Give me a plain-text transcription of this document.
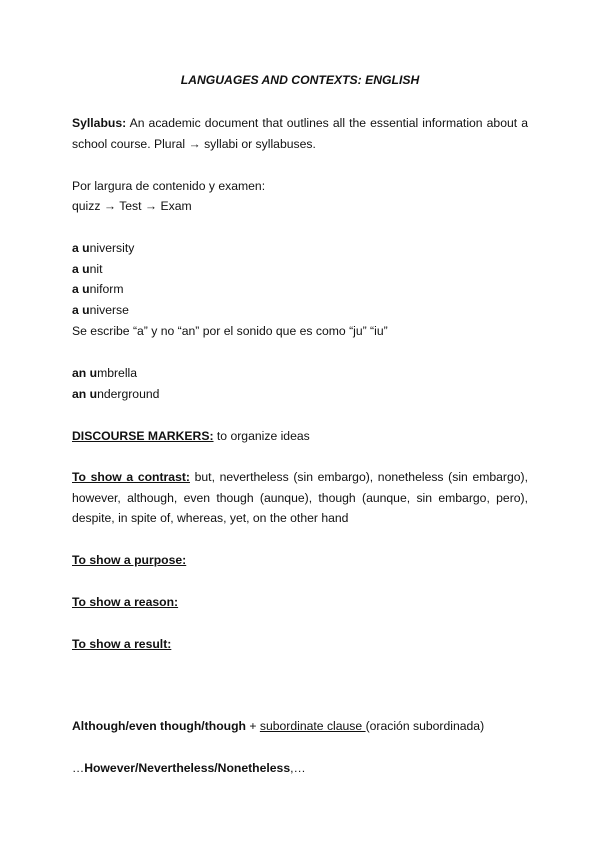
LANGUAGES AND CONTEXTS: ENGLISH
Syllabus: An academic document that outlines all the essential information about a
school course. Plural → syllabi or syllabuses.
Por largura de contenido y examen:
quizz → Test → Exam
a university
a unit
a uniform
a universe
Se escribe “a” y no “an” por el sonido que es como “ju” “iu”
an umbrella
an underground
DISCOURSE MARKERS: to organize ideas
To show a contrast: but, nevertheless (sin embargo), nonetheless (sin embargo),
however, although, even though (aunque), though (aunque, sin embargo, pero),
despite, in spite of, whereas, yet, on the other hand
To show a purpose:
To show a reason:
To show a result:
Although/even though/though + subordinate clause (oración subordinada)
…However/Nevertheless/Nonetheless,…
